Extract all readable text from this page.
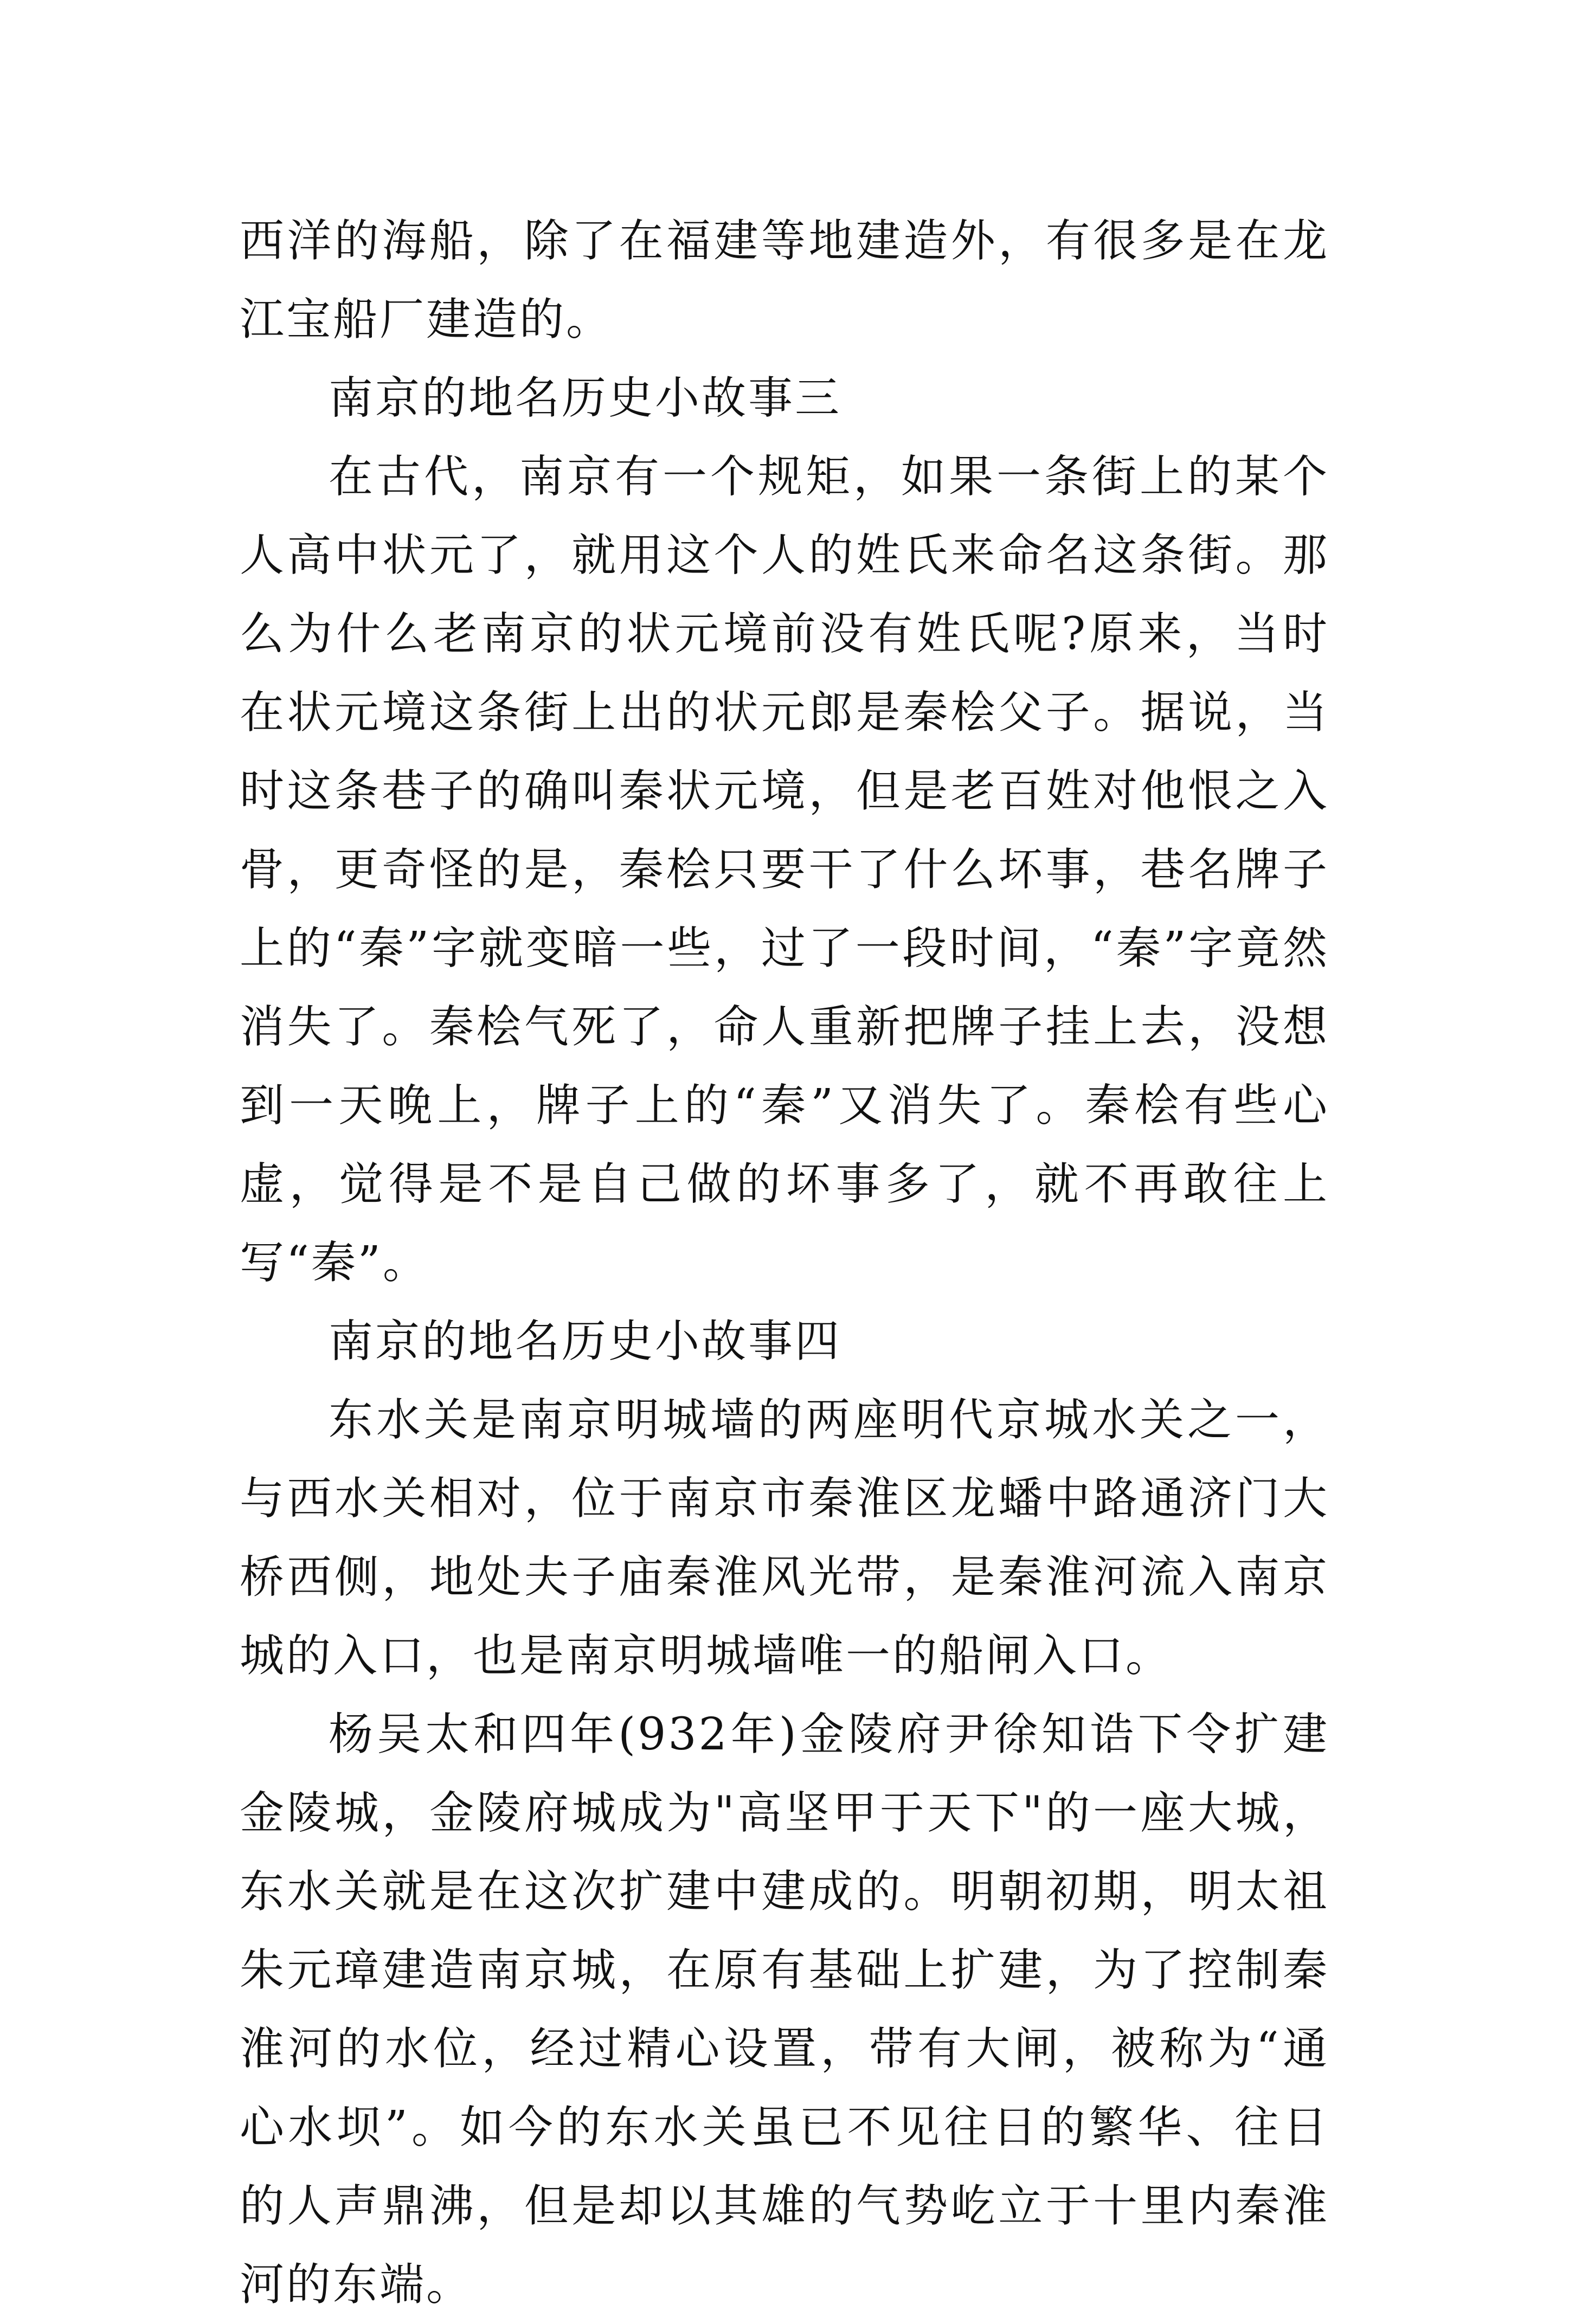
西洋的海船，除了在福建等地建造外，有很多是在龙江宝船厂建造的。

南京的地名历史小故事三

在古代，南京有一个规矩，如果一条街上的某个人高中状元了，就用这个人的姓氏来命名这条街。那么为什么老南京的状元境前没有姓氏呢?原来，当时在状元境这条街上出的状元郎是秦桧父子。据说，当时这条巷子的确叫秦状元境，但是老百姓对他恨之入骨，更奇怪的是，秦桧只要干了什么坏事，巷名牌子上的“秦”字就变暗一些，过了一段时间，“秦”字竟然消失了。秦桧气死了，命人重新把牌子挂上去，没想到一天晚上，牌子上的“秦”又消失了。秦桧有些心虚，觉得是不是自己做的坏事多了，就不再敢往上写“秦”。

南京的地名历史小故事四

东水关是南京明城墙的两座明代京城水关之一，与西水关相对，位于南京市秦淮区龙蟠中路通济门大桥西侧，地处夫子庙秦淮风光带，是秦淮河流入南京城的入口，也是南京明城墙唯一的船闸入口。

杨吴太和四年(932年)金陵府尹徐知诰下令扩建金陵城，金陵府城成为"高坚甲于天下"的一座大城，东水关就是在这次扩建中建成的。明朝初期，明太祖朱元璋建造南京城，在原有基础上扩建，为了控制秦淮河的水位，经过精心设置，带有大闸，被称为“通心水坝”。如今的东水关虽已不见往日的繁华、往日的人声鼎沸，但是却以其雄的气势屹立于十里内秦淮河的东端。
